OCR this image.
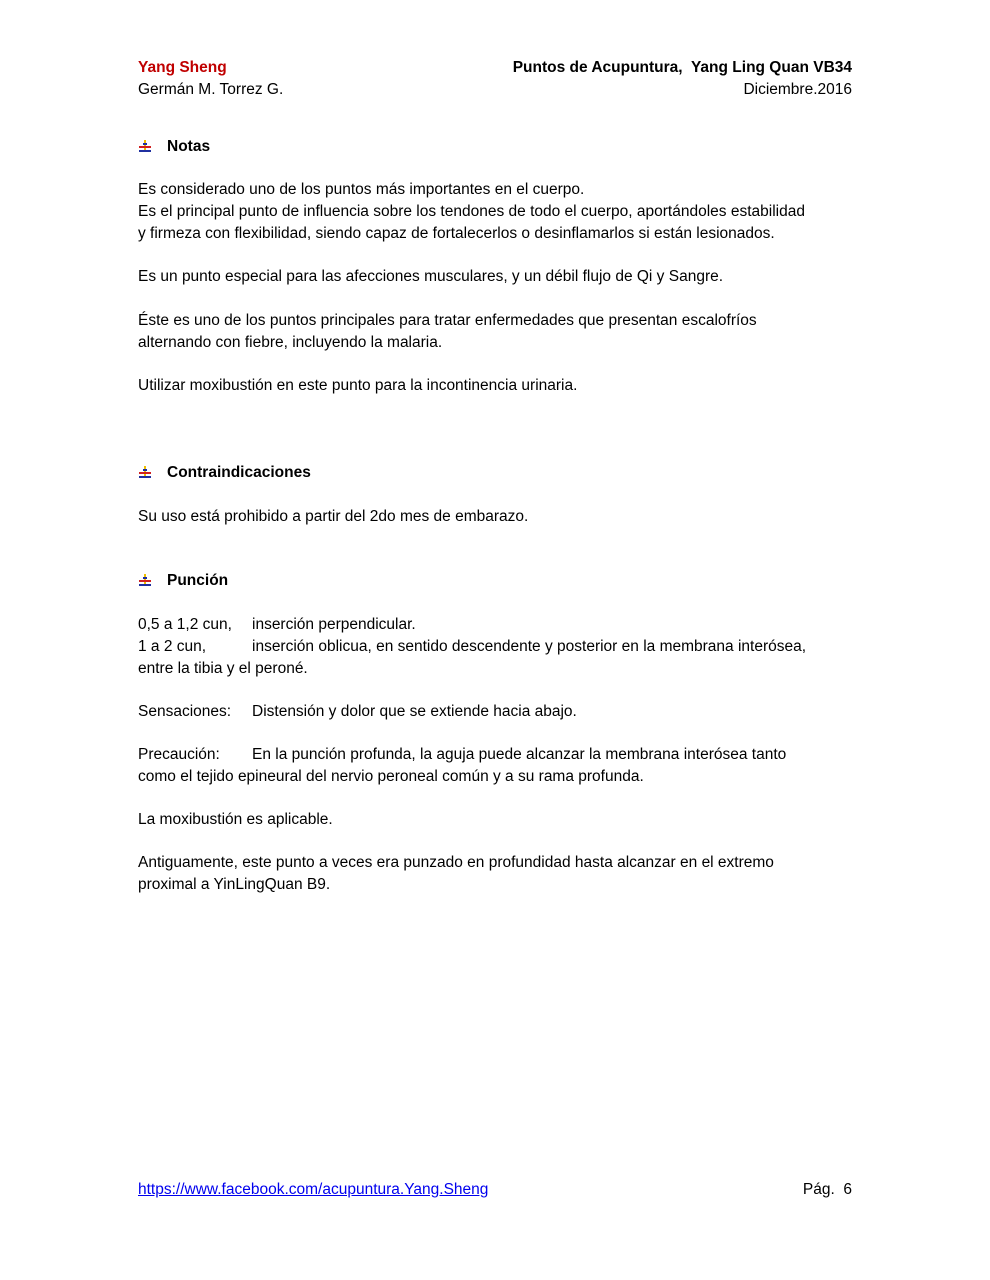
Yang Sheng	Puntos de Acupuntura,  Yang Ling Quan VB34
Germán M. Torrez G.	Diciembre.2016
Notas

Es considerado uno de los puntos más importantes en el cuerpo.

Es el principal punto de influencia sobre los tendones de todo el cuerpo, aportándoles estabilidad

y firmeza con flexibilidad, siendo capaz de fortalecerlos o desinflamarlos si están lesionados.

Es un punto especial para las afecciones musculares, y un débil flujo de Qi y Sangre.

Éste es uno de los puntos principales para tratar enfermedades que presentan escalofríos

alternando con fiebre, incluyendo la malaria.

Utilizar moxibustión en este punto para la incontinencia urinaria.

Contraindicaciones

Su uso está prohibido a partir del 2do mes de embarazo.

Punción
0,5 a 1,2 cun,	inserción perpendicular.
1 a 2 cun,	inserción oblicua, en sentido descendente y posterior en la membrana interósea,

entre la tibia y el peroné.

Sensaciones:	Distensión y dolor que se extiende hacia abajo.
Precaución:	En la punción profunda, la aguja puede alcanzar la membrana interósea tanto

como el tejido epineural del nervio peroneal común y a su rama profunda.

La moxibustión es aplicable.

Antiguamente, este punto a veces era punzado en profundidad hasta alcanzar en el extremo

proximal a YinLingQuan B9.

https://www.facebook.com/acupuntura.Yang.Sheng	Pág.  6
